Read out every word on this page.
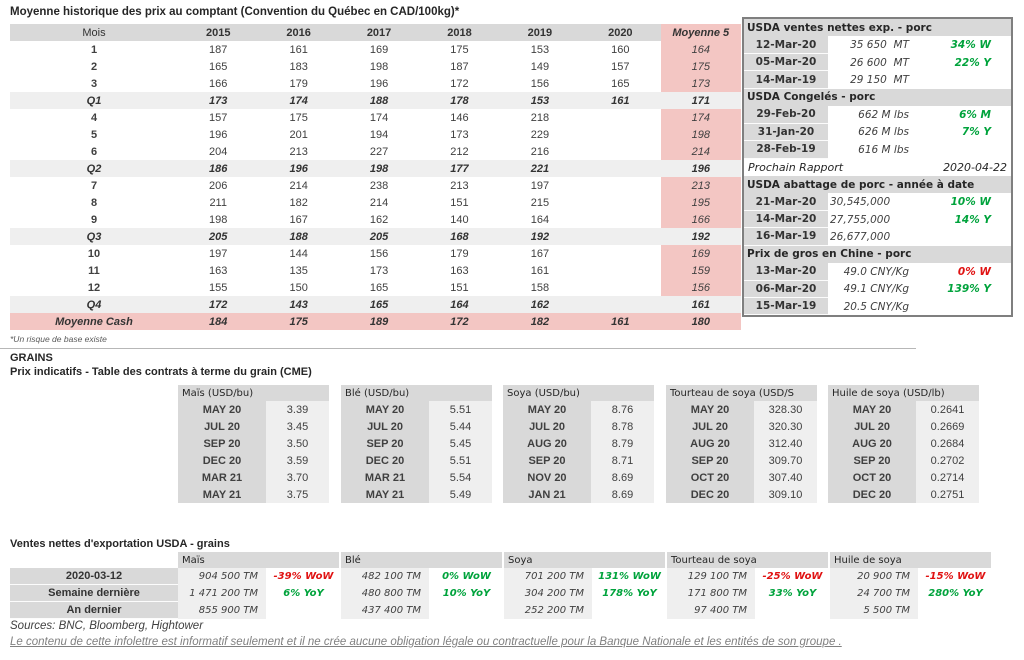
Moyenne historique des prix au comptant (Convention du Québec en CAD/100kg)*
Mois	2015	2016	2017	2018	2019	2020	Moyenne 5
1	187	161	169	175	153	160	164
2	165	183	198	187	149	157	175
3	166	179	196	172	156	165	173
Q1	173	174	188	178	153	161	171
4	157	175	174	146	218		174
5	196	201	194	173	229		198
6	204	213	227	212	216		214
Q2	186	196	198	177	221		196
7	206	214	238	213	197		213
8	211	182	214	151	215		195
9	198	167	162	140	164		166
Q3	205	188	205	168	192		192
10	197	144	156	179	167		169
11	163	135	173	163	161		159
12	155	150	165	151	158		156
Q4	172	143	165	164	162		161
Moyenne Cash	184	175	189	172	182	161	180
USDA ventes nettes exp. - porc
12-Mar-20	35 650  MT	34% W
05-Mar-20	26 600  MT	22% Y
14-Mar-19	29 150  MT
USDA Congelés - porc
29-Feb-20	662 M lbs	6% M
31-Jan-20	626 M lbs	7% Y
28-Feb-19	616 M lbs
Prochain Rapport	2020-04-22
USDA abattage de porc - année à date
21-Mar-20	30,545,000	10% W
14-Mar-20	27,755,000	14% Y
16-Mar-19	26,677,000
Prix de gros en Chine - porc
13-Mar-20	49.0 CNY/Kg	0% W
06-Mar-20	49.1 CNY/Kg	139% Y
15-Mar-19	20.5 CNY/Kg
*Un risque de base existe
GRAINS
Prix indicatifs - Table des contrats à terme du grain (CME)
Maïs (USD/bu)
MAY 20	3.39
JUL 20	3.45
SEP 20	3.50
DEC 20	3.59
MAR 21	3.70
MAY 21	3.75
Blé (USD/bu)
MAY 20	5.51
JUL 20	5.44
SEP 20	5.45
DEC 20	5.51
MAR 21	5.54
MAY 21	5.49
Soya (USD/bu)
MAY 20	8.76
JUL 20	8.78
AUG 20	8.79
SEP 20	8.71
NOV 20	8.69
JAN 21	8.69
Tourteau de soya (USD/S
MAY 20	328.30
JUL 20	320.30
AUG 20	312.40
SEP 20	309.70
OCT 20	307.40
DEC 20	309.10
Huile de soya (USD/lb)
MAY 20	0.2641
JUL 20	0.2669
AUG 20	0.2684
SEP 20	0.2702
OCT 20	0.2714
DEC 20	0.2751
Ventes nettes d'exportation USDA - grains
Maïs	Blé	Soya	Tourteau de soya	Huile de soya
2020-03-12	904 500 TM	-39% WoW	482 100 TM	0% WoW	701 200 TM	131% WoW	129 100 TM	-25% WoW	20 900 TM	-15% WoW
Semaine dernière	1 471 200 TM	6% YoY	480 800 TM	10% YoY	304 200 TM	178% YoY	171 800 TM	33% YoY	24 700 TM	280% YoY
An dernier	855 900 TM	437 400 TM	252 200 TM	97 400 TM	5 500 TM
Sources: BNC, Bloomberg, Hightower
Le contenu de cette infolettre est informatif seulement et il ne crée aucune obligation légale ou contractuelle pour la Banque Nationale et les entités de son groupe .
